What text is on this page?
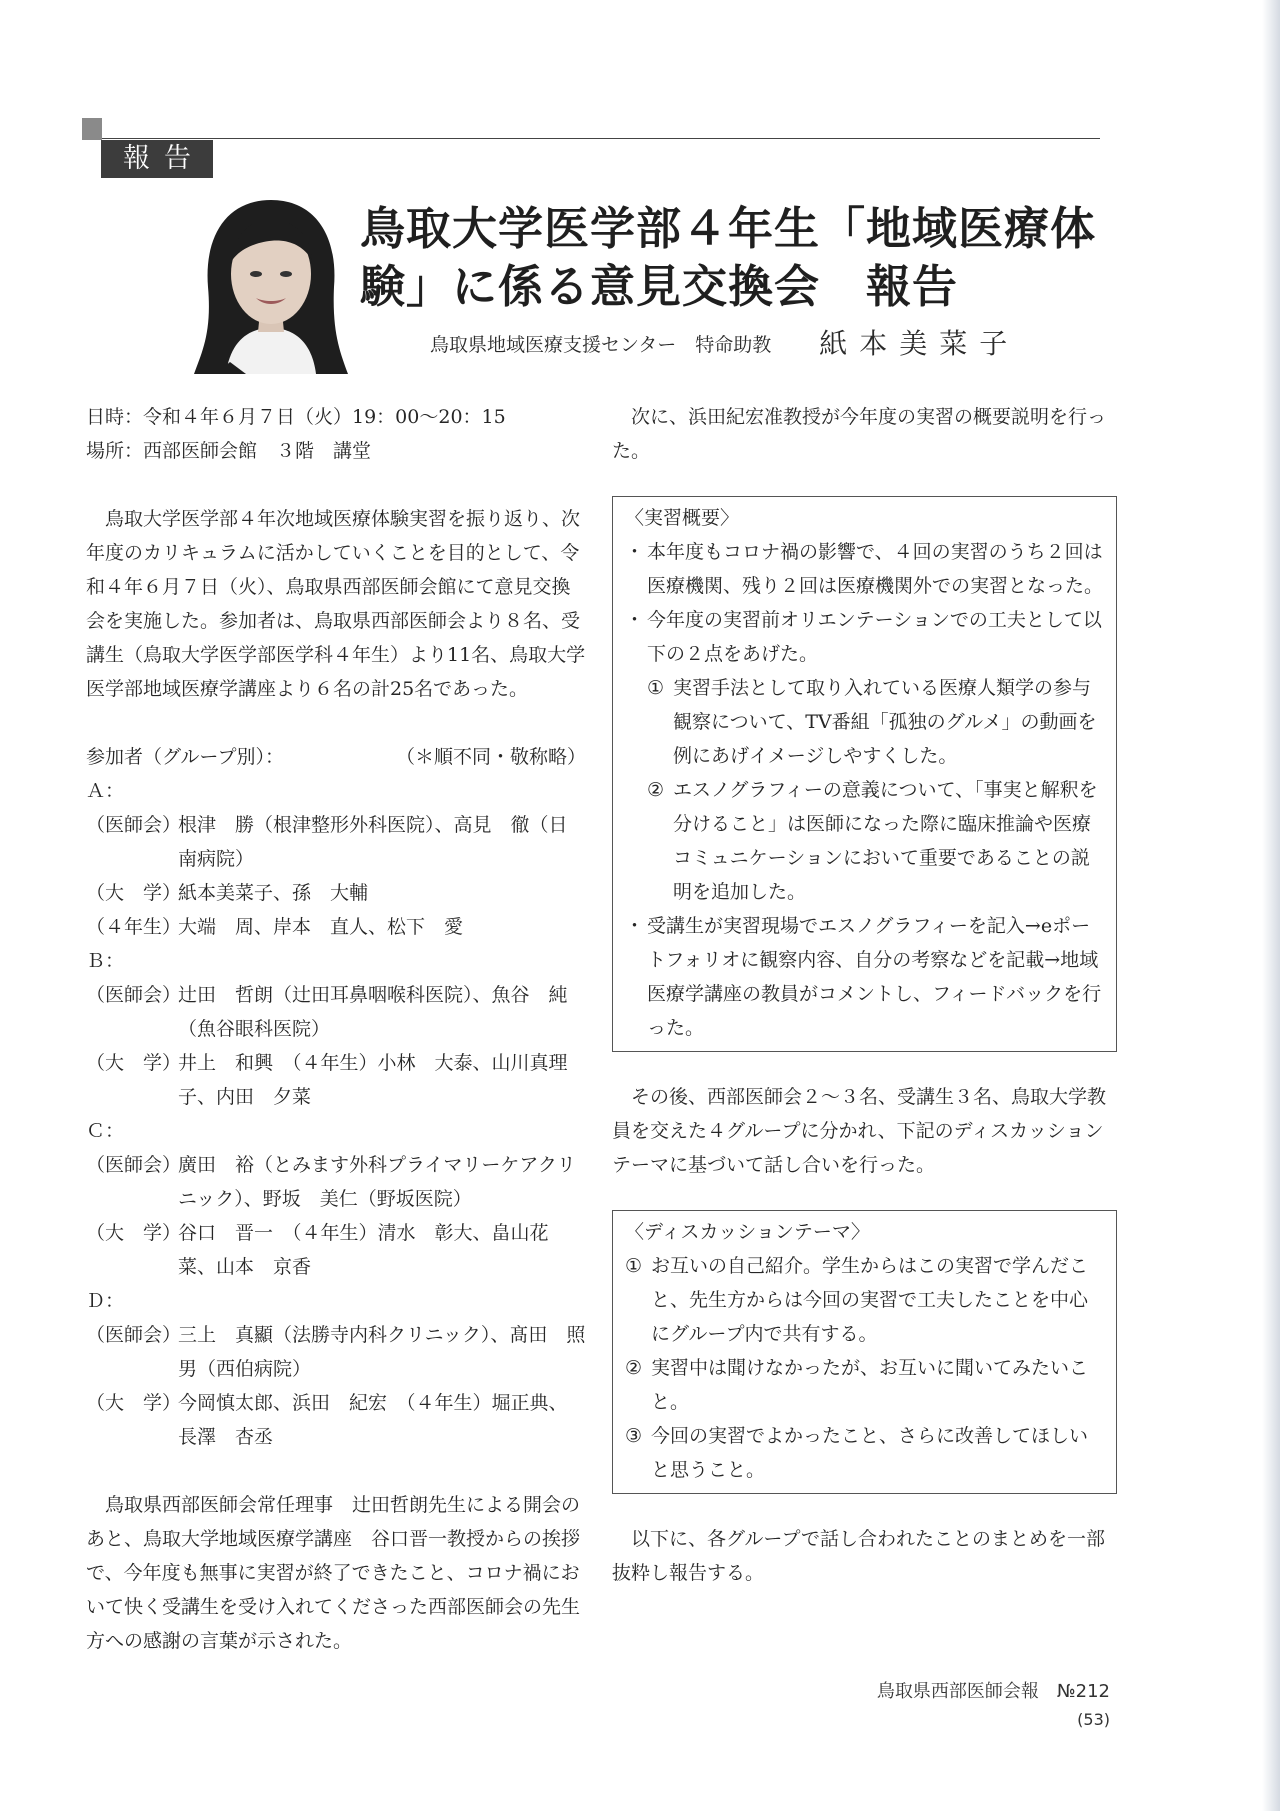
報告
鳥取大学医学部４年生「地域医療体験」に係る意見交換会　報告
鳥取県地域医療支援センター　特命助教 紙本美菜子

日時：令和４年６月７日（火）19：00～20：15

場所：西部医師会館　３階　講堂

鳥取大学医学部４年次地域医療体験実習を振り返り、次年度のカリキュラムに活かしていくことを目的として、令和４年６月７日（火）、鳥取県西部医師会館にて意見交換会を実施した。参加者は、鳥取県西部医師会より８名、受講生（鳥取大学医学部医学科４年生）より11名、鳥取大学医学部地域医療学講座より６名の計25名であった。

参加者（グループ別）：	（＊順不同・敬称略）
Ａ：
（医師会）
根津　勝（根津整形外科医院）、高見　徹（日南病院）
（大　学）
紙本美菜子、孫　大輔
（４年生）
大端　周、岸本　直人、松下　愛
Ｂ：
（医師会）
辻田　哲朗（辻田耳鼻咽喉科医院）、魚谷　純（魚谷眼科医院）
（大　学）
井上　和興　（４年生）小林　大泰、山川真理子、内田　夕菜
Ｃ：
（医師会）
廣田　裕（とみます外科プライマリーケアクリニック）、野坂　美仁（野坂医院）
（大　学）
谷口　晋一　（４年生）清水　彰大、畠山花菜、山本　京香
Ｄ：
（医師会）
三上　真顯（法勝寺内科クリニック）、髙田　照男（西伯病院）
（大　学）
今岡慎太郎、浜田　紀宏　（４年生）堀正典、長澤　杏丞

鳥取県西部医師会常任理事　辻田哲朗先生による開会のあと、鳥取大学地域医療学講座　谷口晋一教授からの挨拶で、今年度も無事に実習が終了できたこと、コロナ禍において快く受講生を受け入れてくださった西部医師会の先生方への感謝の言葉が示された。

次に、浜田紀宏准教授が今年度の実習の概要説明を行った。

〈実習概要〉

・ 本年度もコロナ禍の影響で、４回の実習のうち２回は医療機関、残り２回は医療機関外での実習となった。
・ 今年度の実習前オリエンテーションでの工夫として以下の２点をあげた。
① 実習手法として取り入れている医療人類学の参与観察について、TV番組「孤独のグルメ」の動画を例にあげイメージしやすくした。
② エスノグラフィーの意義について、「事実と解釈を分けること」は医師になった際に臨床推論や医療コミュニケーションにおいて重要であることの説明を追加した。
・ 受講生が実習現場でエスノグラフィーを記入→eポートフォリオに観察内容、自分の考察などを記載→地域医療学講座の教員がコメントし、フィードバックを行った。

その後、西部医師会２～３名、受講生３名、鳥取大学教員を交えた４グループに分かれ、下記のディスカッションテーマに基づいて話し合いを行った。

〈ディスカッションテーマ〉

① お互いの自己紹介。学生からはこの実習で学んだこと、先生方からは今回の実習で工夫したことを中心にグループ内で共有する。
② 実習中は聞けなかったが、お互いに聞いてみたいこと。
③ 今回の実習でよかったこと、さらに改善してほしいと思うこと。

以下に、各グループで話し合われたことのまとめを一部抜粋し報告する。

鳥取県西部医師会報　№212
(53)
